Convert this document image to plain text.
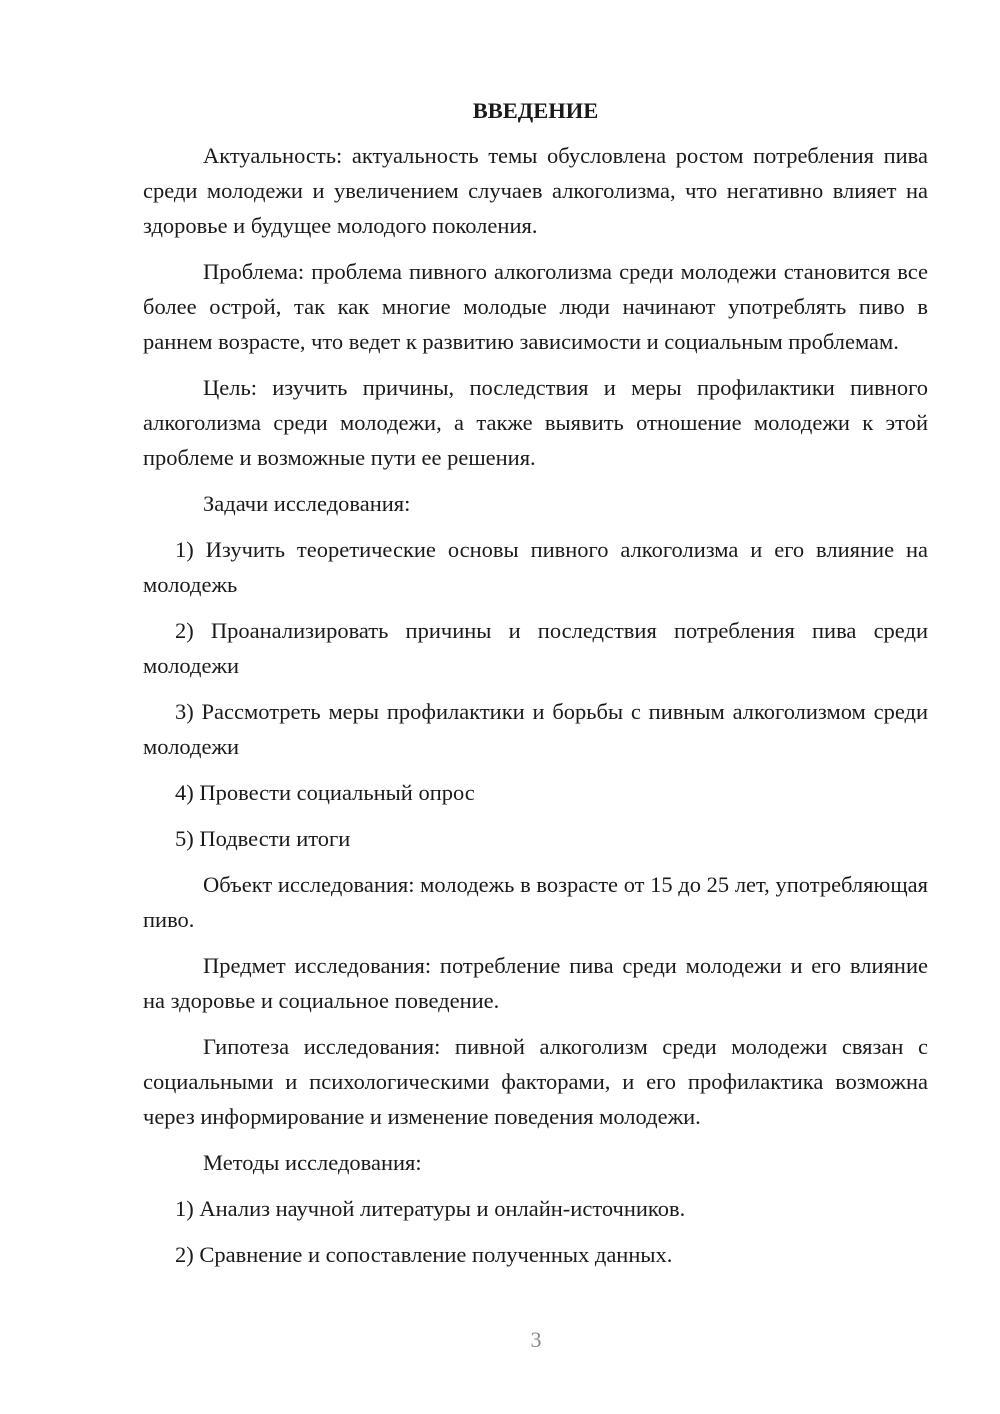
ВВЕДЕНИЕ

Актуальность: актуальность темы обусловлена ростом потребления пива среди молодежи и увеличением случаев алкоголизма, что негативно влияет на здоровье и будущее молодого поколения.

Проблема: проблема пивного алкоголизма среди молодежи становится все более острой, так как многие молодые люди начинают употреблять пиво в раннем возрасте, что ведет к развитию зависимости и социальным проблемам.

Цель: изучить причины, последствия и меры профилактики пивного алкоголизма среди молодежи, а также выявить отношение молодежи к этой проблеме и возможные пути ее решения.

Задачи исследования:

1) Изучить теоретические основы пивного алкоголизма и его влияние на молодежь

2) Проанализировать причины и последствия потребления пива среди молодежи

3) Рассмотреть меры профилактики и борьбы с пивным алкоголизмом среди молодежи

4) Провести социальный опрос

5) Подвести итоги

Объект исследования: молодежь в возрасте от 15 до 25 лет, употребляющая пиво.

Предмет исследования: потребление пива среди молодежи и его влияние на здоровье и социальное поведение.

Гипотеза исследования: пивной алкоголизм среди молодежи связан с социальными и психологическими факторами, и его профилактика возможна через информирование и изменение поведения молодежи.

Методы исследования:

1) Анализ научной литературы и онлайн-источников.

2) Сравнение и сопоставление полученных данных.

3
